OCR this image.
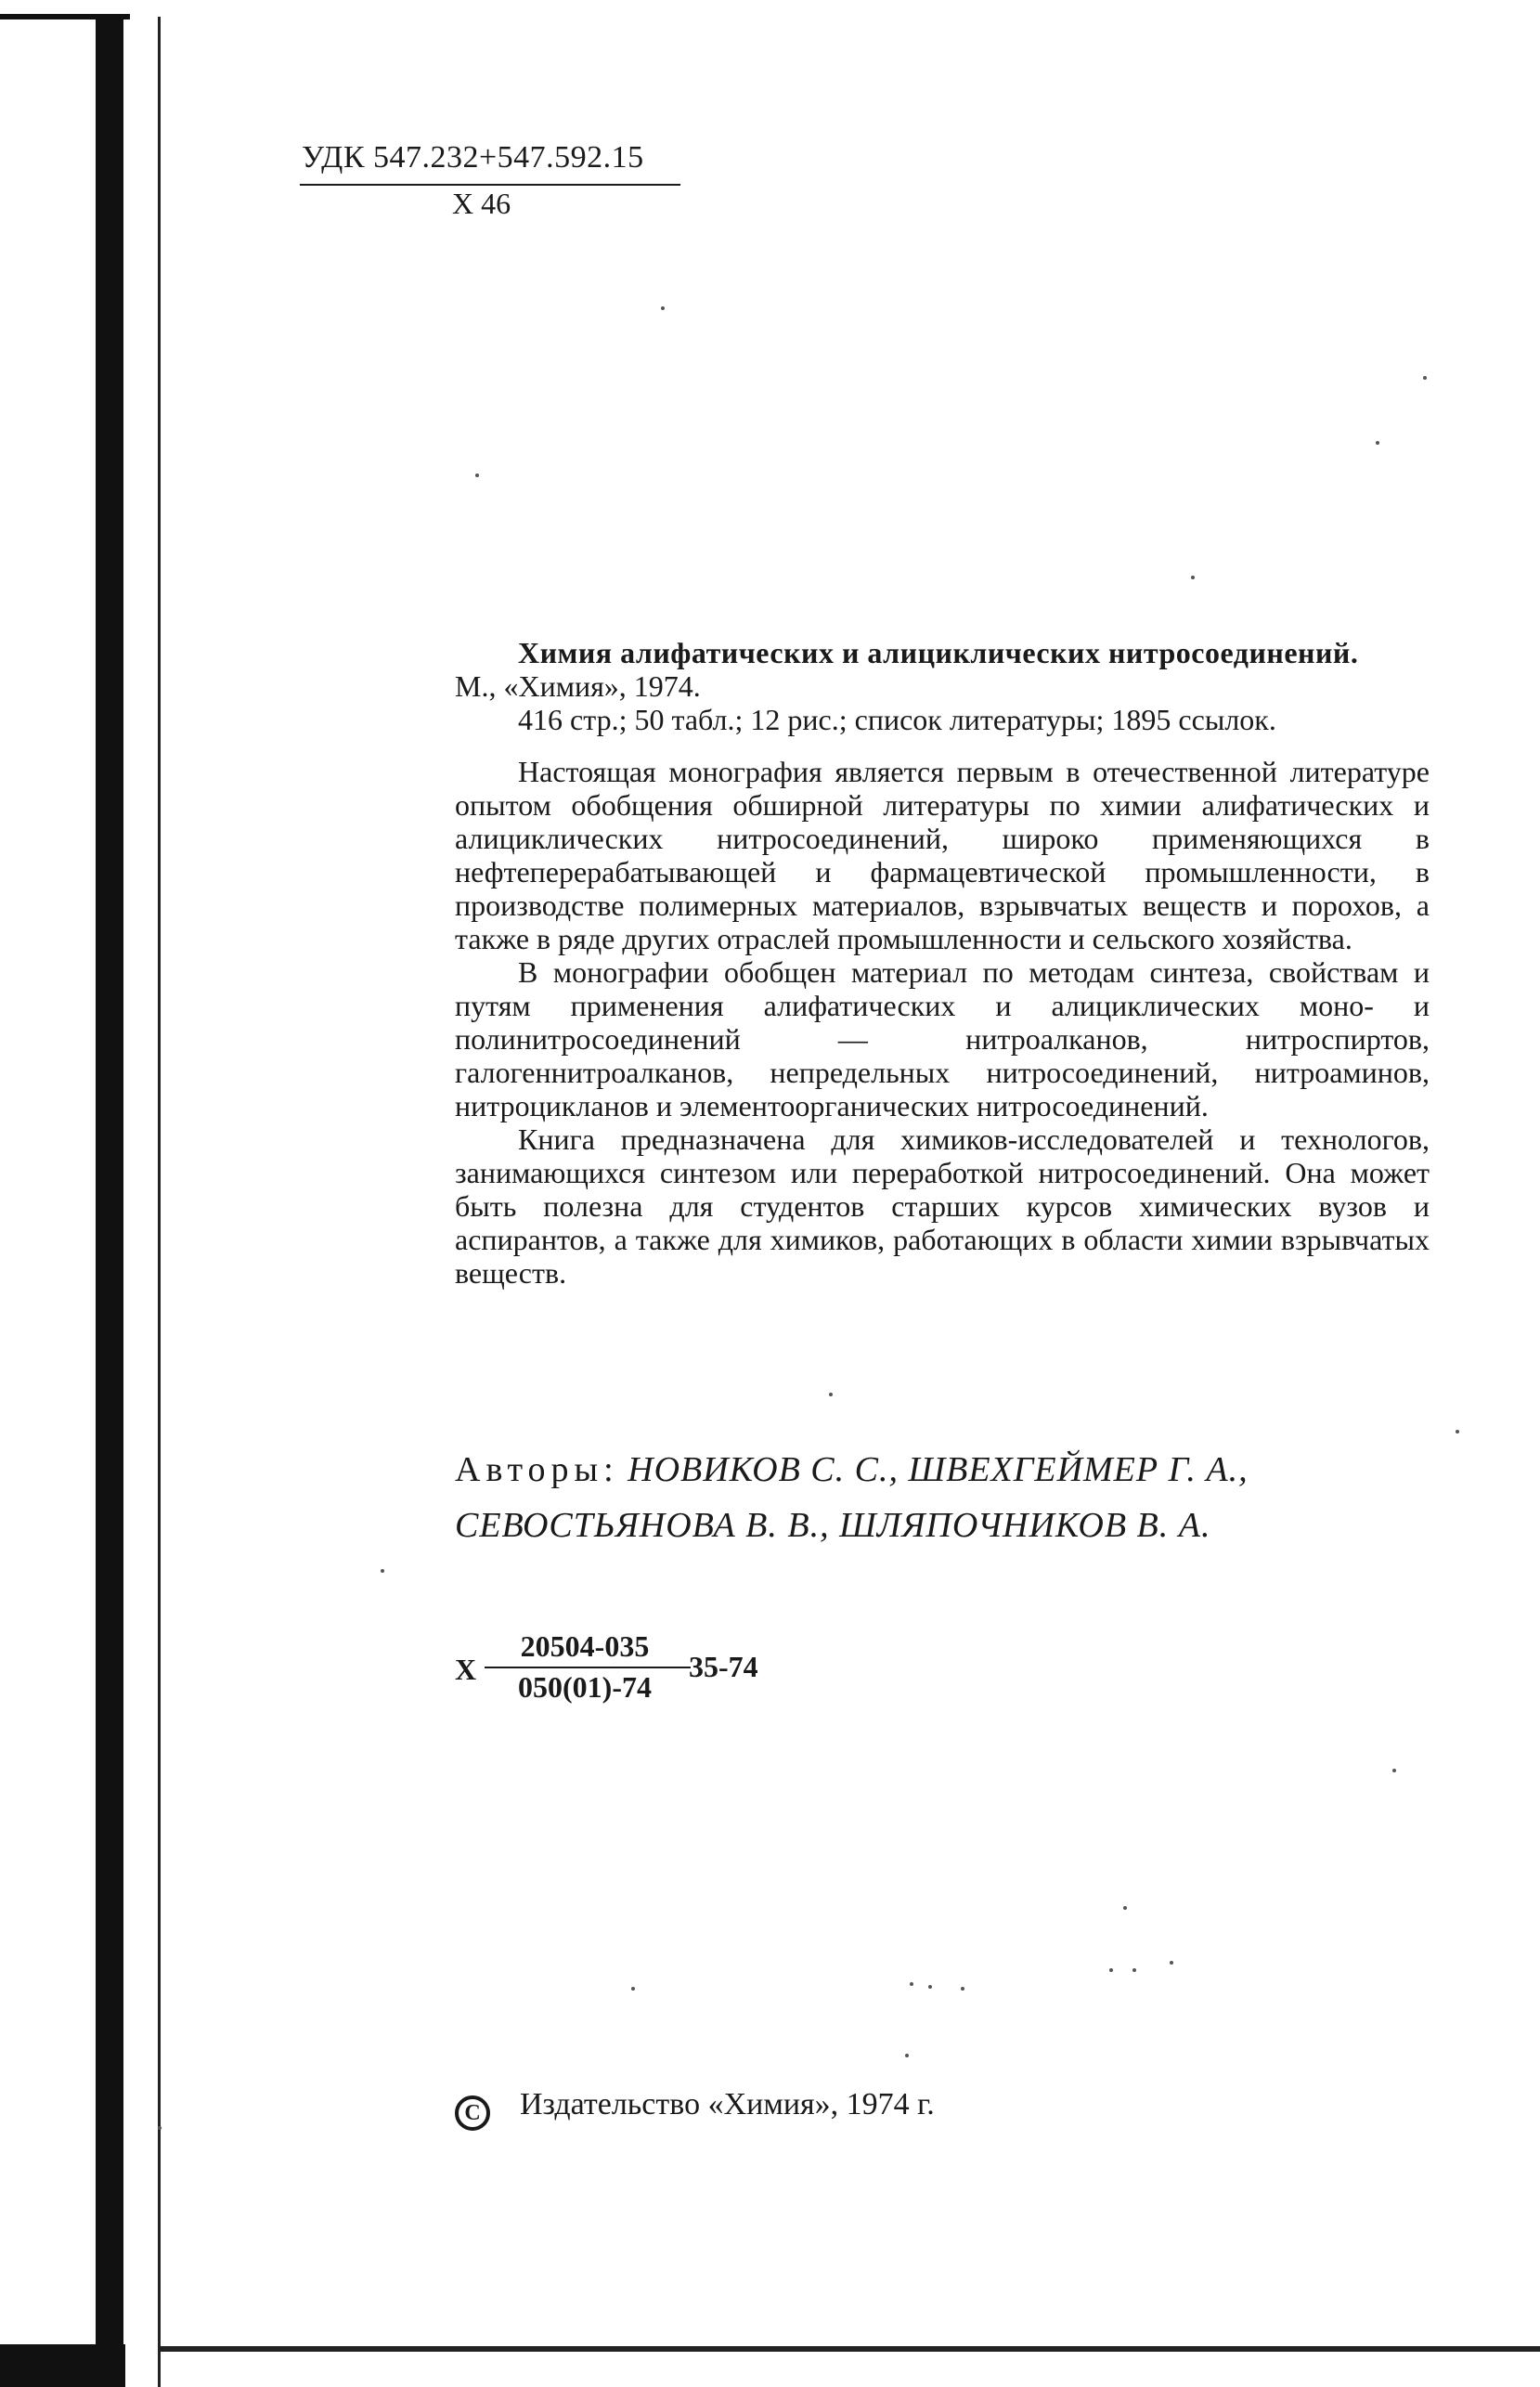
УДК 547.232+547.592.15
Х 46

Химия алифатических и алициклических нитросоединений.

М., «Химия», 1974.

416 стр.; 50 табл.; 12 рис.; список литературы; 1895 ссылок.

Настоящая монография является первым в отечественной литературе опытом обобщения обширной литературы по химии алифатических и алициклических нитросоединений, широко применяющихся в нефтеперерабатывающей и фармацевтической промышленности, в производстве полимерных материалов, взрывчатых веществ и порохов, а также в ряде других отраслей промышленности и сельского хозяйства.

В монографии обобщен материал по методам синтеза, свойствам и путям применения алифатических и алициклических моно- и полинитросоединений — нитроалканов, нитроспиртов, галогеннитроалканов, непредельных нитросоединений, нитроаминов, нитроцикланов и элементоорганических нитросоединений.

Книга предназначена для химиков-исследователей и технологов, занимающихся синтезом или переработкой нитросоединений. Она может быть полезна для студентов старших курсов химических вузов и аспирантов, а также для химиков, работающих в области химии взрывчатых веществ.

Авторы: НОВИКОВ С. С., ШВЕХГЕЙМЕР Г. А.,
СЕВОСТЬЯНОВА В. В., ШЛЯПОЧНИКОВ В. А.
Х
20504-035
050(01)-74
35-74
C Издательство «Химия», 1974 г.
